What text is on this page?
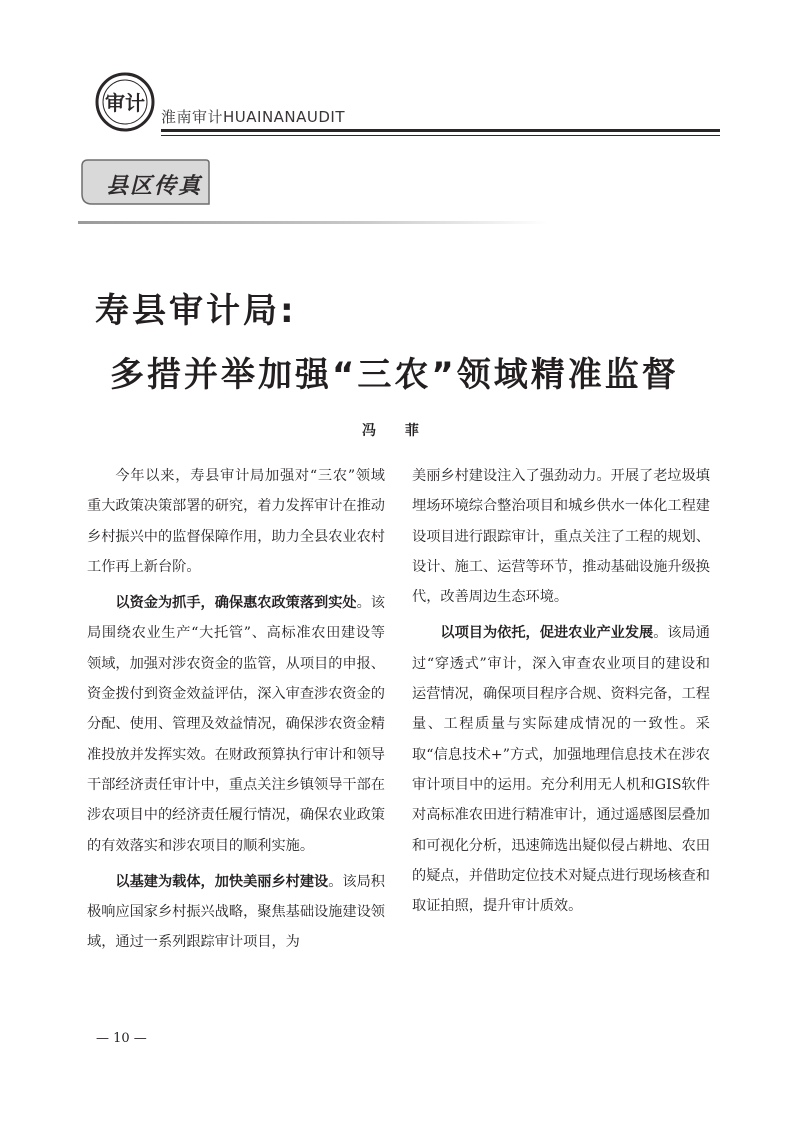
审计
淮南审计HUAINANAUDIT
县区传真
寿县审计局:
多措并举加强“三农”领域精准监督
冯 菲

今年以来，寿县审计局加强对“三农”领域重大政策决策部署的研究，着力发挥审计在推动乡村振兴中的监督保障作用，助力全县农业农村工作再上新台阶。

以资金为抓手，确保惠农政策落到实处。该局围绕农业生产“大托管”、高标准农田建设等领域，加强对涉农资金的监管，从项目的申报、资金拨付到资金效益评估，深入审查涉农资金的分配、使用、管理及效益情况，确保涉农资金精准投放并发挥实效。在财政预算执行审计和领导干部经济责任审计中，重点关注乡镇领导干部在涉农项目中的经济责任履行情况，确保农业政策的有效落实和涉农项目的顺利实施。

以基建为载体，加快美丽乡村建设。该局积极响应国家乡村振兴战略，聚焦基础设施建设领域，通过一系列跟踪审计项目，为

美丽乡村建设注入了强劲动力。开展了老垃圾填埋场环境综合整治项目和城乡供水一体化工程建设项目进行跟踪审计，重点关注了工程的规划、设计、施工、运营等环节，推动基础设施升级换代，改善周边生态环境。

以项目为依托，促进农业产业发展。该局通过“穿透式”审计，深入审查农业项目的建设和运营情况，确保项目程序合规、资料完备，工程量、工程质量与实际建成情况的一致性。采取“信息技术+”方式，加强地理信息技术在涉农审计项目中的运用。充分利用无人机和GIS软件对高标准农田进行精准审计，通过遥感图层叠加和可视化分析，迅速筛选出疑似侵占耕地、农田的疑点，并借助定位技术对疑点进行现场核查和取证拍照，提升审计质效。

— 10 —
